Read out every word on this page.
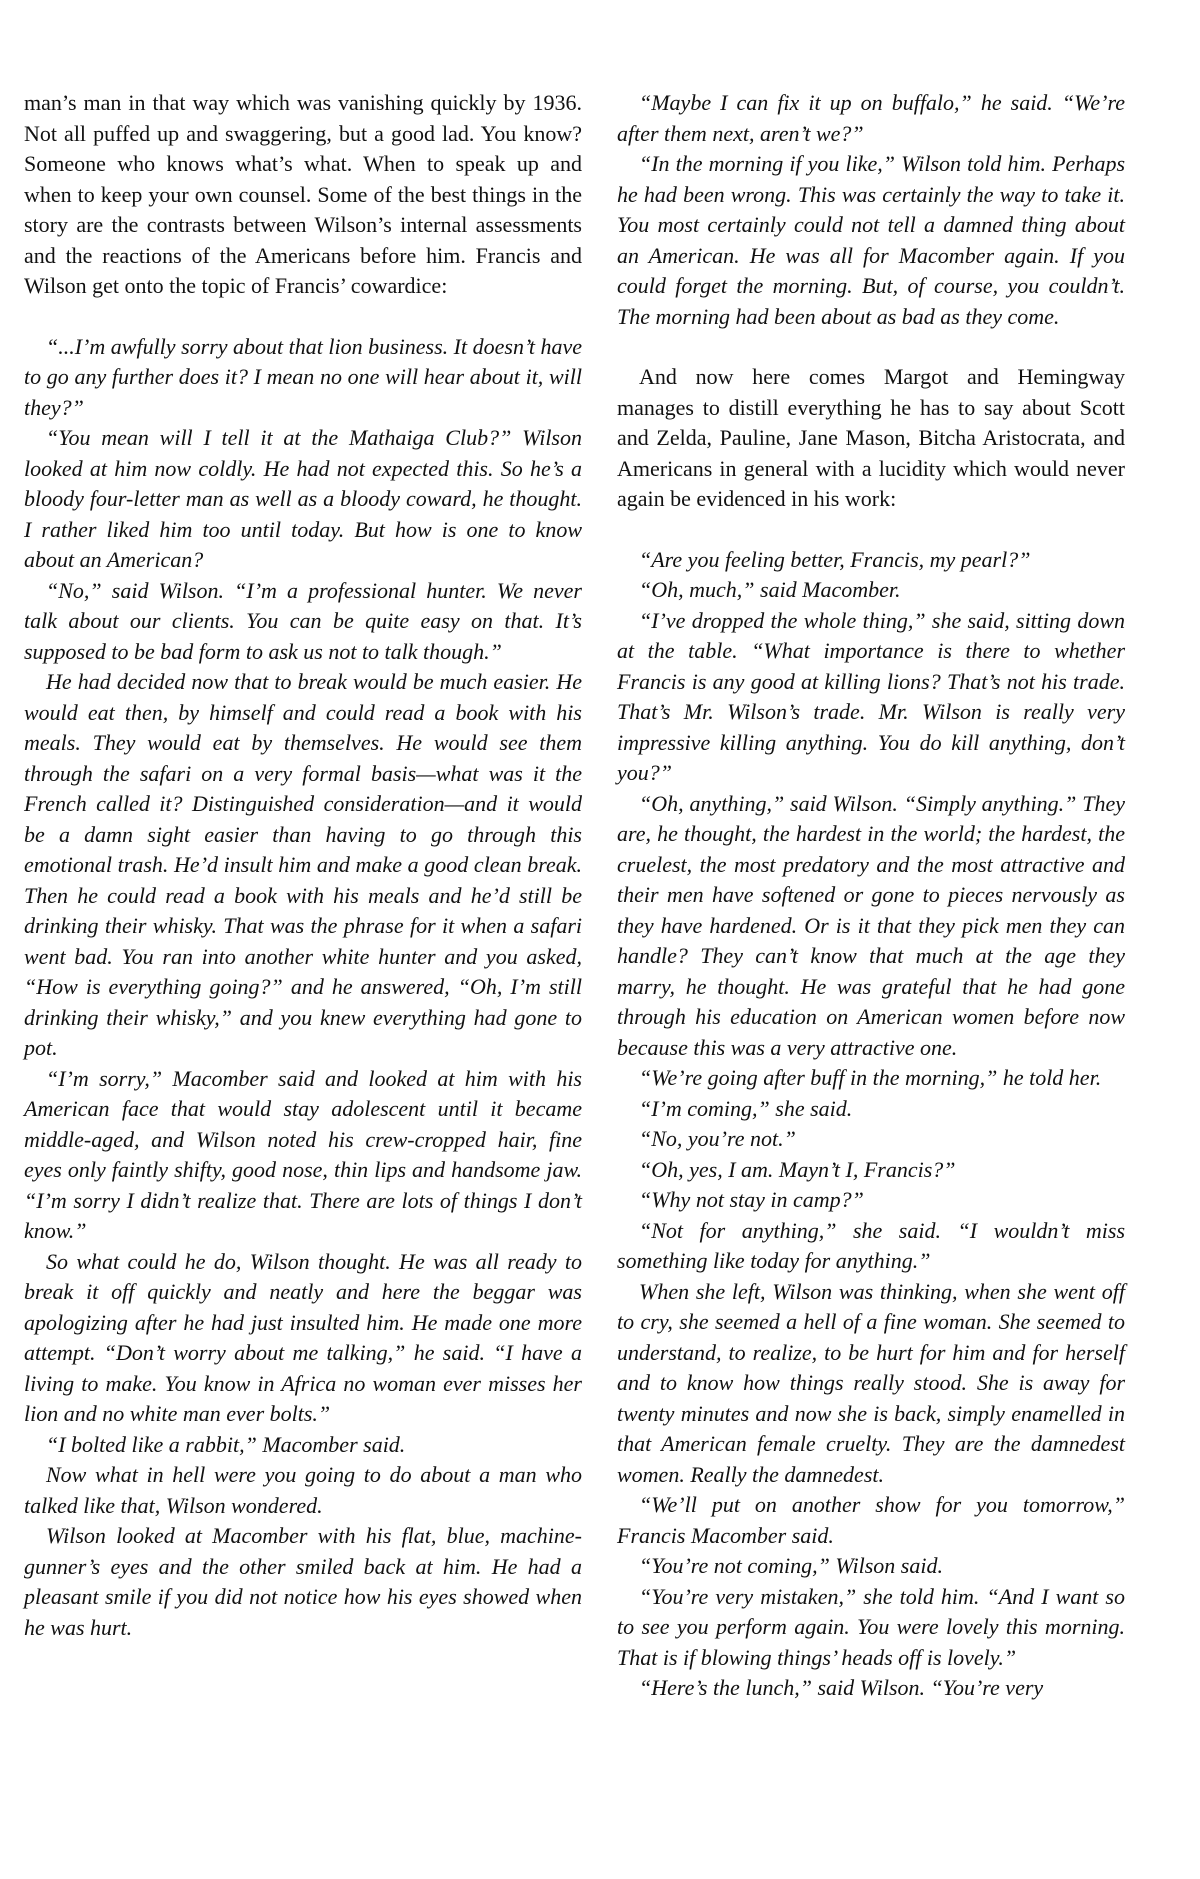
man’s man in that way which was vanishing quickly by 1936. Not all puffed up and swaggering, but a good lad. You know? Someone who knows what’s what. When to speak up and when to keep your own counsel. Some of the best things in the story are the contrasts between Wilson’s internal assessments and the reactions of the Americans before him. Francis and Wilson get onto the topic of Francis’ cowardice:

“...I’m awfully sorry about that lion business. It doesn’t have to go any further does it? I mean no one will hear about it, will they?”

“You mean will I tell it at the Mathaiga Club?” Wilson looked at him now coldly. He had not expected this. So he’s a bloody four-letter man as well as a bloody coward, he thought. I rather liked him too until today. But how is one to know about an American?

“No,” said Wilson. “I’m a professional hunter. We never talk about our clients. You can be quite easy on that. It’s supposed to be bad form to ask us not to talk though.”

He had decided now that to break would be much easier. He would eat then, by himself and could read a book with his meals. They would eat by themselves. He would see them through the safari on a very formal basis—what was it the French called it? Distinguished consideration—and it would be a damn sight easier than having to go through this emotional trash. He’d insult him and make a good clean break. Then he could read a book with his meals and he’d still be drinking their whisky. That was the phrase for it when a safari went bad. You ran into another white hunter and you asked, “How is everything going?” and he answered, “Oh, I’m still drinking their whisky,” and you knew everything had gone to pot.

“I’m sorry,” Macomber said and looked at him with his American face that would stay adolescent until it became middle-aged, and Wilson noted his crew-cropped hair, fine eyes only faintly shifty, good nose, thin lips and handsome jaw. “I’m sorry I didn’t realize that. There are lots of things I don’t know.”

So what could he do, Wilson thought. He was all ready to break it off quickly and neatly and here the beggar was apologizing after he had just insulted him. He made one more attempt. “Don’t worry about me talking,” he said. “I have a living to make. You know in Africa no woman ever misses her lion and no white man ever bolts.”

“I bolted like a rabbit,” Macomber said.

Now what in hell were you going to do about a man who talked like that, Wilson wondered.

Wilson looked at Macomber with his flat, blue, machine-gunner’s eyes and the other smiled back at him. He had a pleasant smile if you did not notice how his eyes showed when he was hurt.

“Maybe I can fix it up on buffalo,” he said. “We’re after them next, aren’t we?”

“In the morning if you like,” Wilson told him. Perhaps he had been wrong. This was certainly the way to take it. You most certainly could not tell a damned thing about an American. He was all for Macomber again. If you could forget the morning. But, of course, you couldn’t. The morning had been about as bad as they come.

And now here comes Margot and Hemingway manages to distill everything he has to say about Scott and Zelda, Pauline, Jane Mason, Bitcha Aristocrata, and Americans in general with a lucidity which would never again be evidenced in his work:

“Are you feeling better, Francis, my pearl?”

“Oh, much,” said Macomber.

“I’ve dropped the whole thing,” she said, sitting down at the table. “What importance is there to whether Francis is any good at killing lions? That’s not his trade. That’s Mr. Wilson’s trade. Mr. Wilson is really very impressive killing anything. You do kill anything, don’t you?”

“Oh, anything,” said Wilson. “Simply anything.” They are, he thought, the hardest in the world; the hardest, the cruelest, the most predatory and the most attractive and their men have softened or gone to pieces nervously as they have hardened. Or is it that they pick men they can handle? They can’t know that much at the age they marry, he thought. He was grateful that he had gone through his education on American women before now because this was a very attractive one.

“We’re going after buff in the morning,” he told her.

“I’m coming,” she said.

“No, you’re not.”

“Oh, yes, I am. Mayn’t I, Francis?”

“Why not stay in camp?”

“Not for anything,” she said. “I wouldn’t miss something like today for anything.”

When she left, Wilson was thinking, when she went off to cry, she seemed a hell of a fine woman. She seemed to understand, to realize, to be hurt for him and for herself and to know how things really stood. She is away for twenty minutes and now she is back, simply enamelled in that American female cruelty. They are the damnedest women. Really the damnedest.

“We’ll put on another show for you tomorrow,” Francis Macomber said.

“You’re not coming,” Wilson said.

“You’re very mistaken,” she told him. “And I want so to see you perform again. You were lovely this morning. That is if blowing things’ heads off is lovely.”

“Here’s the lunch,” said Wilson. “You’re very
